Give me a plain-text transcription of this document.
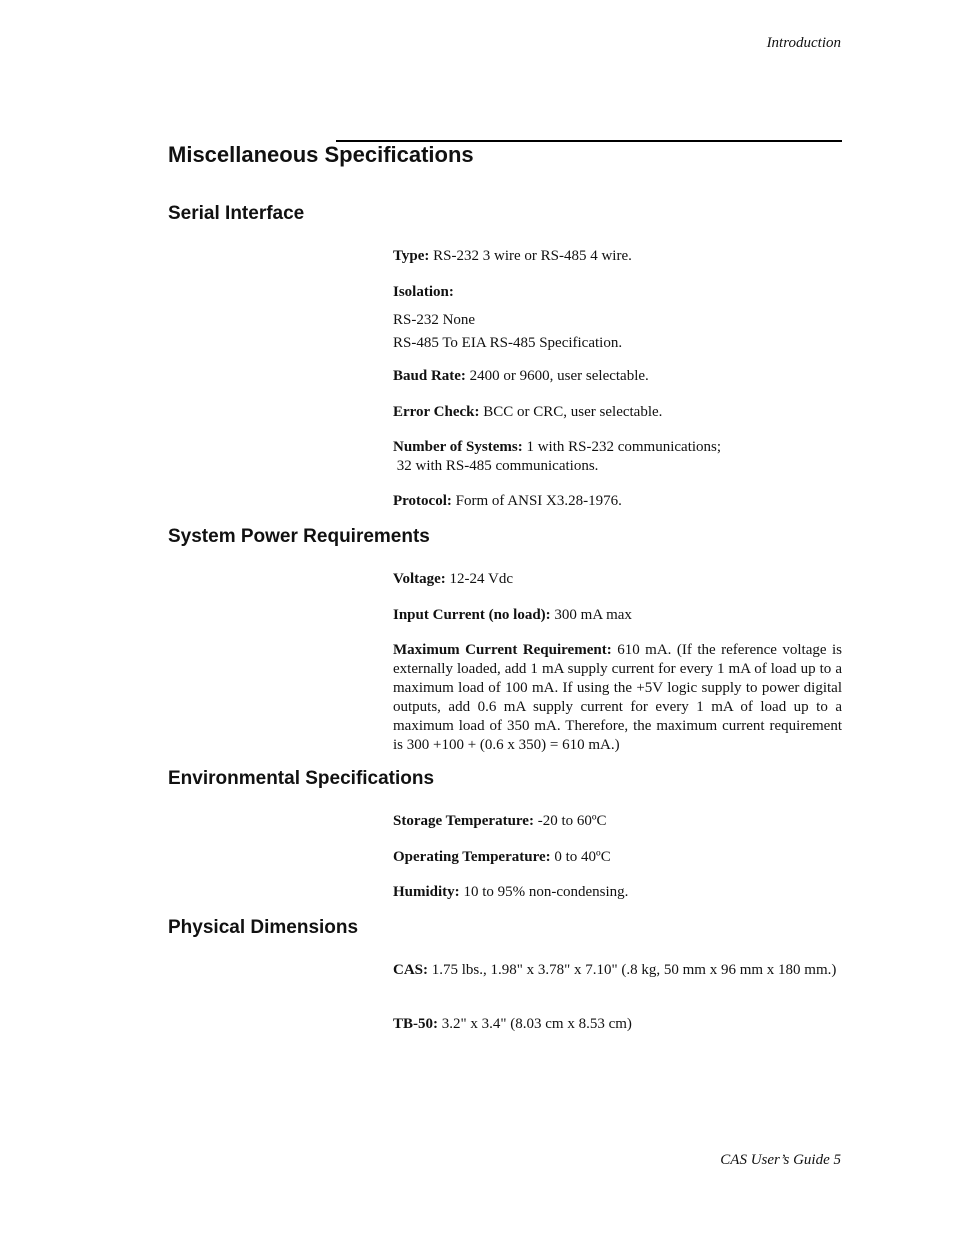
Introduction
Miscellaneous Specifications
Serial Interface

Type: RS-232 3 wire or RS-485 4 wire.

Isolation:

RS-232 None
RS-485 To EIA RS-485 Specification.

Baud Rate: 2400 or 9600, user selectable.

Error Check: BCC or CRC, user selectable.

Number of Systems: 1 with RS-232 communications;
32 with RS-485 communications.

Protocol: Form of ANSI X3.28-1976.

System Power Requirements

Voltage: 12-24 Vdc

Input Current (no load): 300 mA max

Maximum Current Requirement: 610 mA. (If the reference voltage is externally loaded, add 1 mA supply current for every 1 mA of load up to a maximum load of 100 mA. If using the +5V logic supply to power digital outputs, add 0.6 mA supply current for every 1 mA of load up to a maximum load of 350 mA. Therefore, the maximum current requirement is 300 +100 + (0.6 x 350) = 610 mA.)

Environmental Specifications

Storage Temperature: -20 to 60ºC

Operating Temperature: 0 to 40ºC

Humidity: 10 to 95% non-condensing.

Physical Dimensions

CAS: 1.75 lbs., 1.98" x 3.78" x 7.10" (.8 kg, 50 mm x 96 mm x 180 mm.)

TB-50: 3.2" x 3.4" (8.03 cm x 8.53 cm)

CAS User’s Guide 5
